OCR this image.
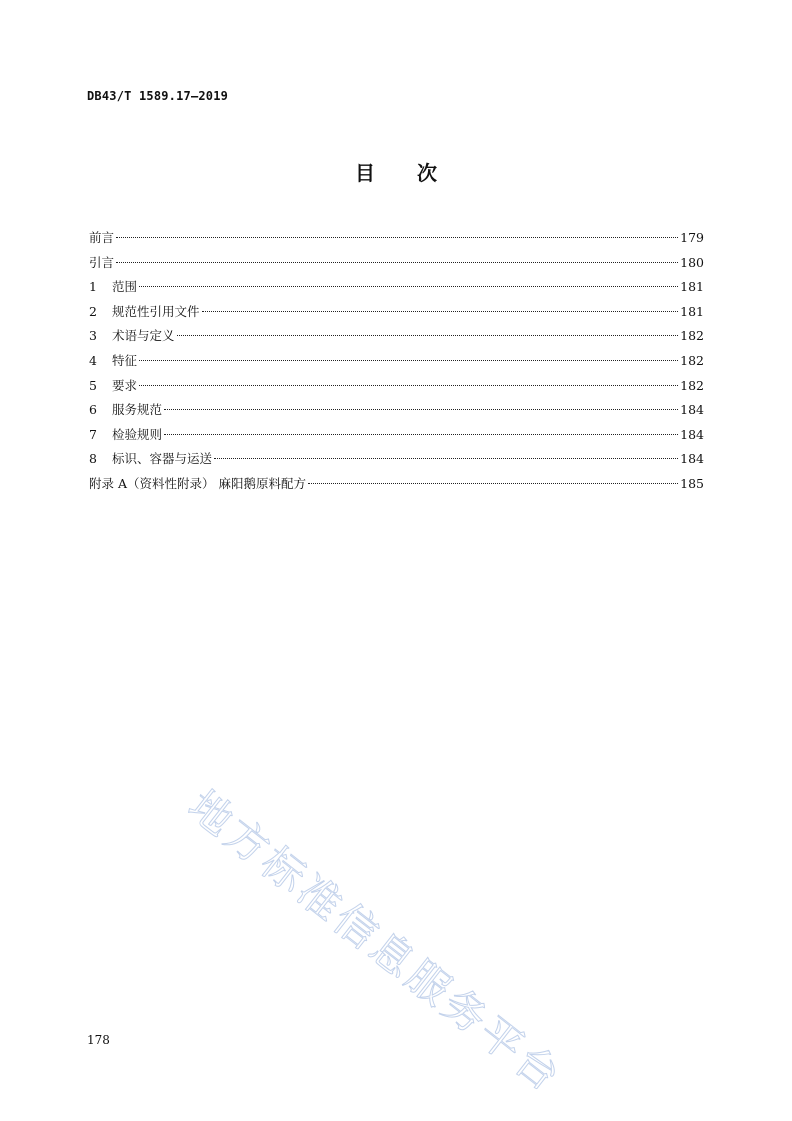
DB43/T 1589.17—2019
目次
前言	179
引言	180
1	范围	181
2	规范性引用文件	181
3	术语与定义	182
4	特征	182
5	要求	182
6	服务规范	184
7	检验规则	184
8	标识、容器与运送	184
附录 A（资料性附录） 麻阳鹅原料配方	185
地方标准信息服务平台
178
